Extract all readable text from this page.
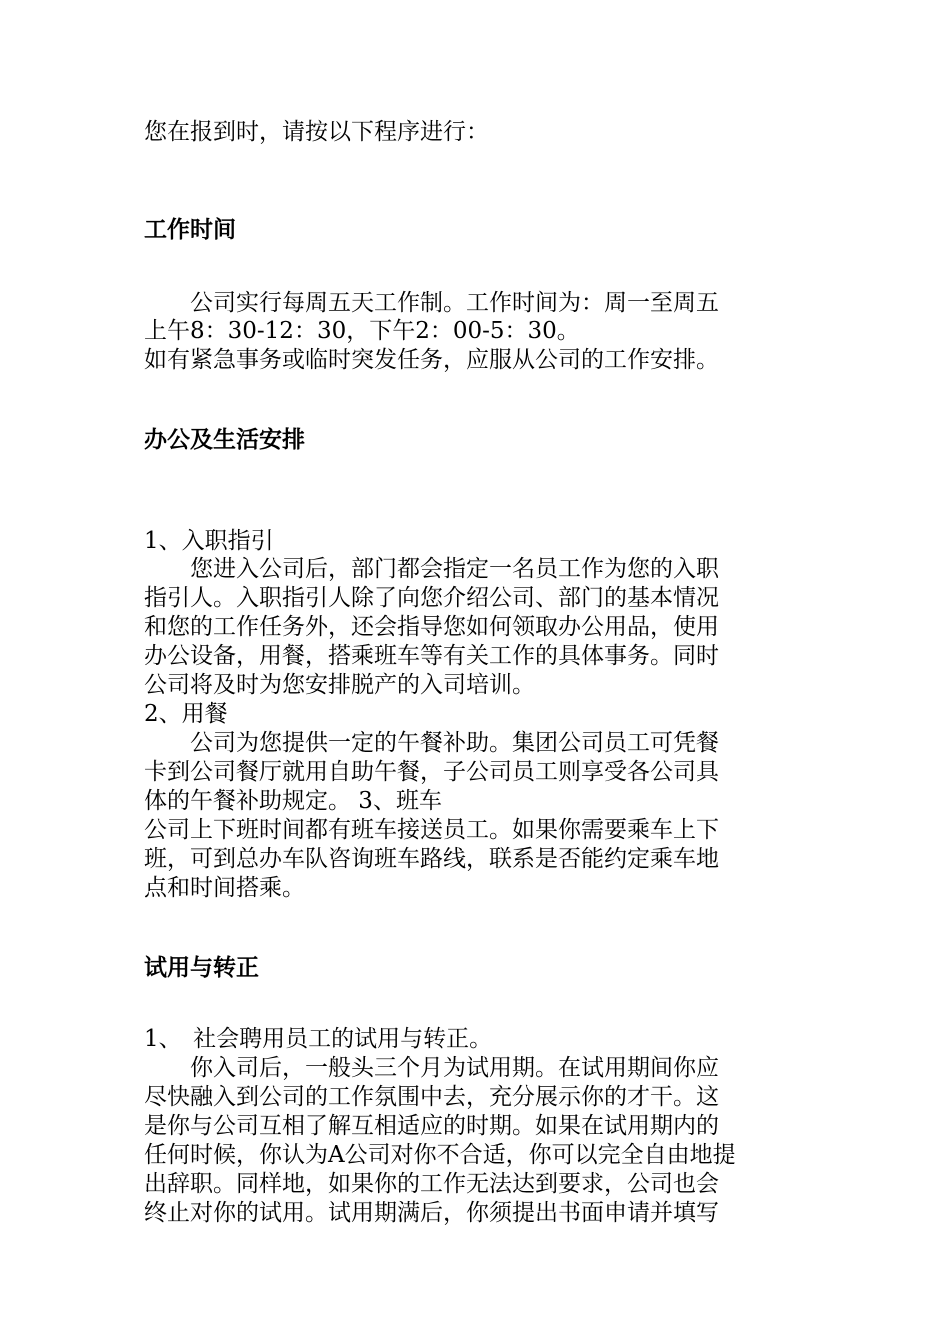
您在报到时，请按以下程序进行：
工作时间
　　公司实行每周五天工作制。工作时间为：周一至周五
上午8：30-12：30，下午2：00-5：30。
如有紧急事务或临时突发任务，应服从公司的工作安排。
办公及生活安排
1、入职指引
　　您进入公司后，部门都会指定一名员工作为您的入职
指引人。入职指引人除了向您介绍公司、部门的基本情况
和您的工作任务外，还会指导您如何领取办公用品，使用
办公设备，用餐，搭乘班车等有关工作的具体事务。同时
公司将及时为您安排脱产的入司培训。
2、用餐
　　公司为您提供一定的午餐补助。集团公司员工可凭餐
卡到公司餐厅就用自助午餐，子公司员工则享受各公司具
体的午餐补助规定。 3、班车
公司上下班时间都有班车接送员工。如果你需要乘车上下
班，可到总办车队咨询班车路线，联系是否能约定乘车地
点和时间搭乘。
试用与转正
1、　社会聘用员工的试用与转正。
　　你入司后，一般头三个月为试用期。在试用期间你应
尽快融入到公司的工作氛围中去，充分展示你的才干。这
是你与公司互相了解互相适应的时期。如果在试用期内的
任何时候，你认为A公司对你不合适，你可以完全自由地提
出辞职。同样地，如果你的工作无法达到要求，公司也会
终止对你的试用。试用期满后，你须提出书面申请并填写
